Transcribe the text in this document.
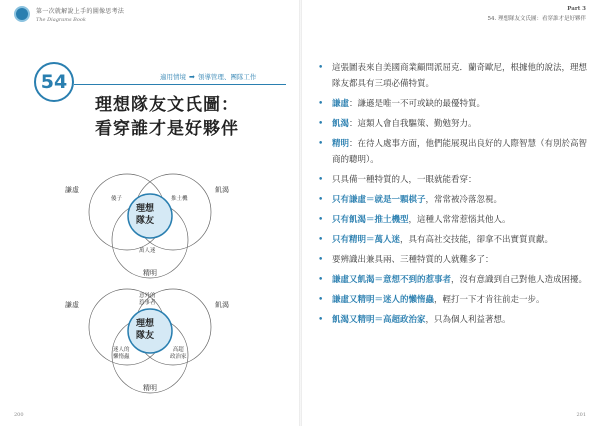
第一次就解說上手的圖像思考法
The Diagrams Book
54	適用情境 ➡ 領導管理、團隊工作
理想隊友文氏圖：
看穿誰才是好夥伴
謙虛	飢渴
精明
傻子	推土機
萬人迷
理想
隊友
謙虛	飢渴
精明
意外的
惹事者
迷人的
懶惰蟲
高超
政治家
理想
隊友
200
Part 3
54. 理想隊友文氏圖：看穿誰才是好夥伴
• 這張圖表來自美國商業顧問派屈克．蘭奇歐尼，根據他的說法，理想隊友都具有三項必備特質。
• 謙虛：謙遜是唯一不可或缺的最優特質。
• 飢渴：這類人會自我驅策、勤勉努力。
• 精明：在待人處事方面，他們能展現出良好的人際智慧（有別於高智商的聰明）。
• 只具備一種特質的人，一眼就能看穿：
• 只有謙虛＝就是一顆棋子，常常被冷落忽視。
• 只有飢渴＝推土機型，這種人常常惹惱其他人。
• 只有精明＝萬人迷，具有高社交技能，卻拿不出實質貢獻。
• 要辨識出兼具兩、三種特質的人就難多了：
• 謙虛又飢渴＝意想不到的惹事者，沒有意識到自己對他人造成困擾。
• 謙虛又精明＝迷人的懶惰蟲，輕打一下才肯往前走一步。
• 飢渴又精明＝高超政治家，只為個人利益著想。
201
